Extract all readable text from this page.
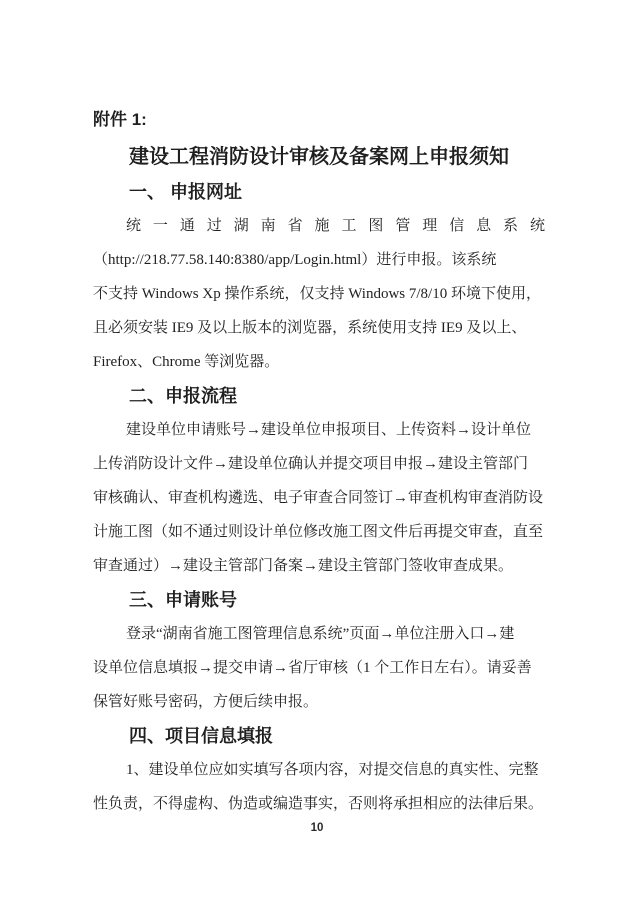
附件 1:
建设工程消防设计审核及备案网上申报须知
一、 申报网址
统一通过湖南省施工图管理信息系统
（http://218.77.58.140:8380/app/Login.html）进行申报。该系统
不支持 Windows Xp 操作系统，仅支持 Windows 7/8/10 环境下使用，
且必须安装 IE9 及以上版本的浏览器，系统使用支持 IE9 及以上、
Firefox、Chrome 等浏览器。
二、申报流程
建设单位申请账号→建设单位申报项目、上传资料→设计单位
上传消防设计文件→建设单位确认并提交项目申报→建设主管部门
审核确认、审查机构遴选、电子审查合同签订→审查机构审查消防设
计施工图（如不通过则设计单位修改施工图文件后再提交审查，直至
审查通过）→建设主管部门备案→建设主管部门签收审查成果。
三、申请账号
登录“湖南省施工图管理信息系统”页面→单位注册入口→建
设单位信息填报→提交申请→省厅审核（1 个工作日左右）。请妥善
保管好账号密码，方便后续申报。
四、项目信息填报
1、建设单位应如实填写各项内容，对提交信息的真实性、完整
性负责，不得虚构、伪造或编造事实，否则将承担相应的法律后果。
10
